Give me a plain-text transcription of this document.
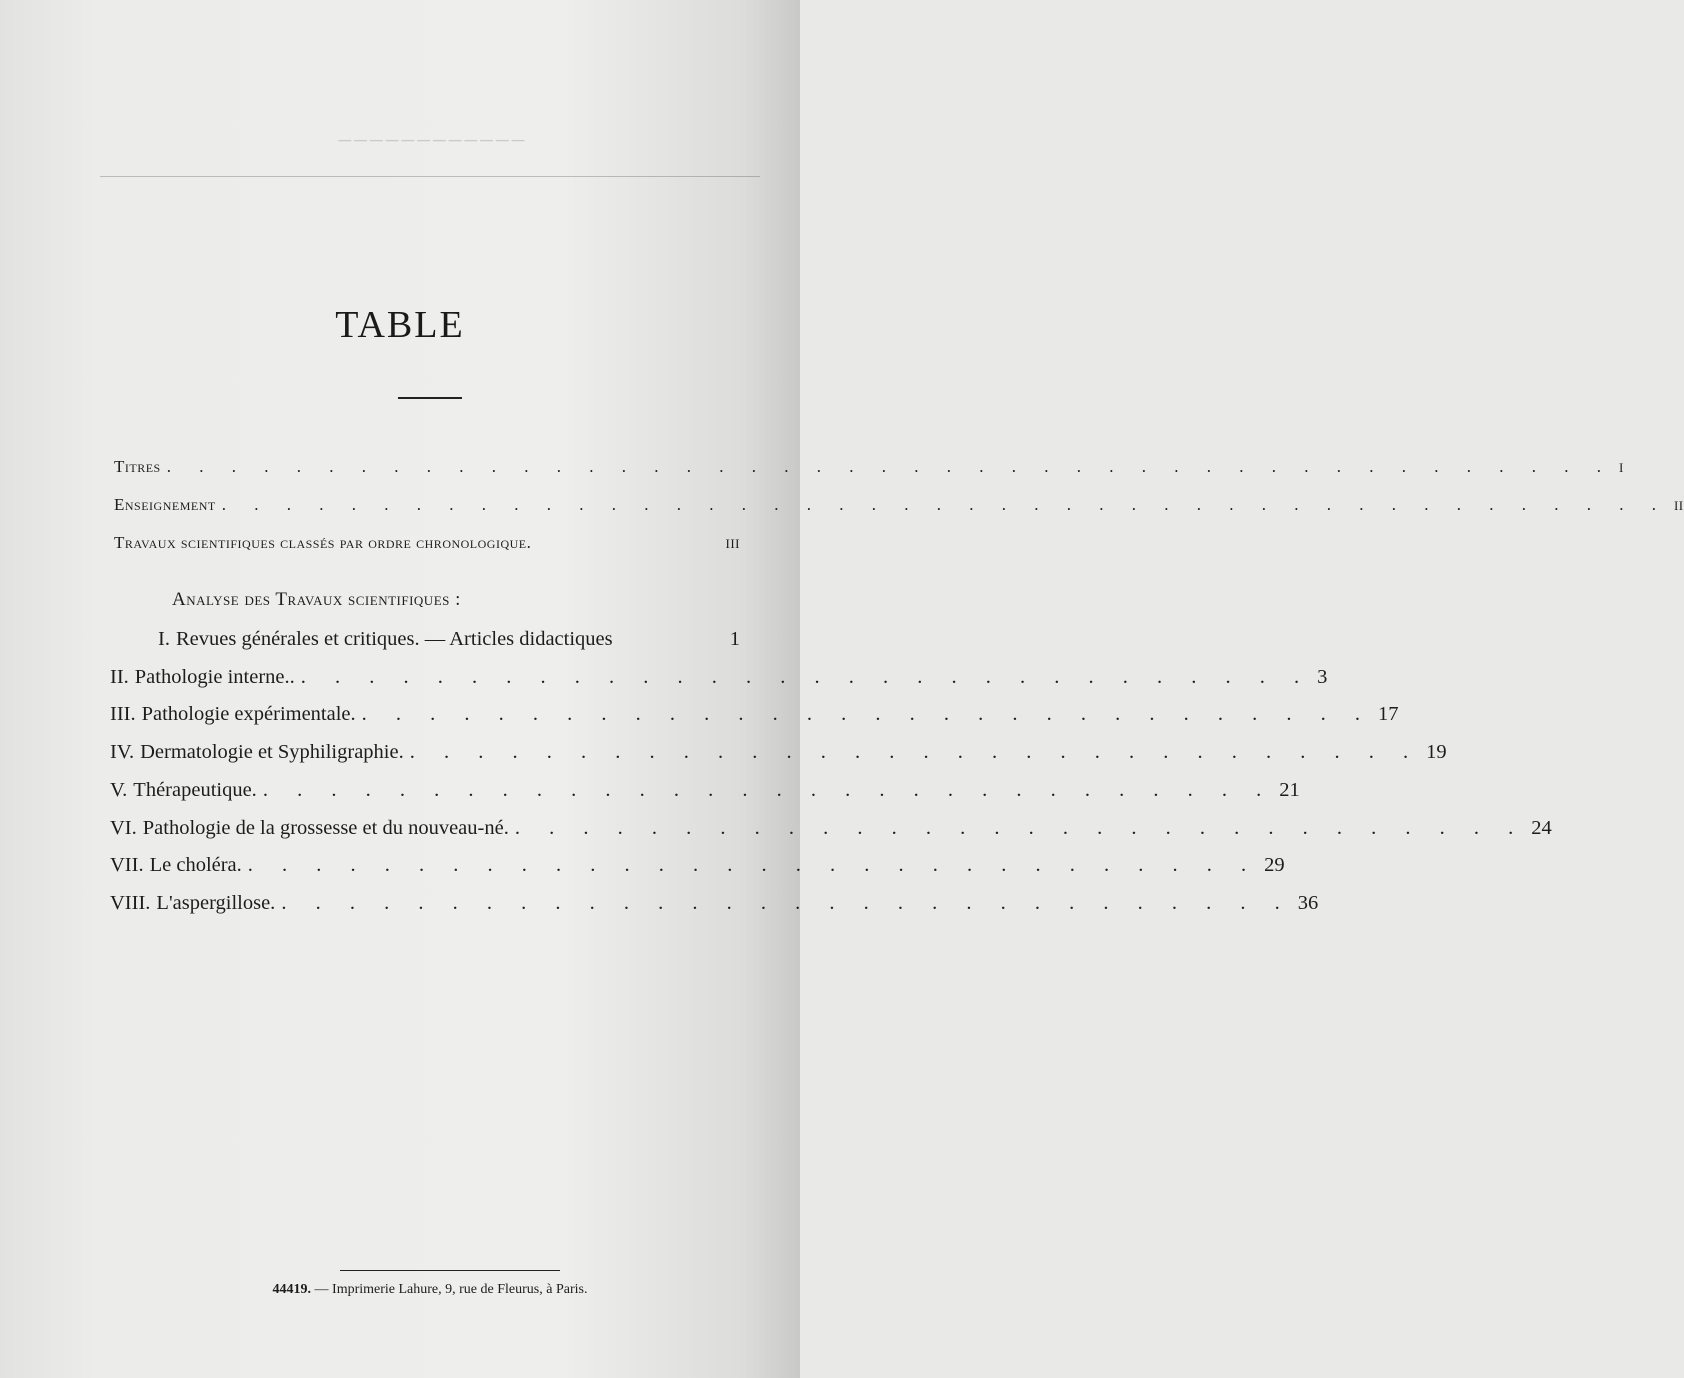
────────────
TABLE
Titres . . . . . . . . . . . . . . . . . . . . . . . . . . . . . . . . . . . . . . . . . . . . . I
Enseignement . . . . . . . . . . . . . . . . . . . . . . . . . . . . . . . . . . . . . . . . . . . . . II
Travaux scientifiques classés par ordre chronologique.	III
Analyse des Travaux scientifiques :
I. Revues générales et critiques. — Articles didactiques	1
II. Pathologie interne.. . . . . . . . . . . . . . . . . . . . . . . . . . . . . . . 3
III. Pathologie expérimentale. . . . . . . . . . . . . . . . . . . . . . . . . . . . . . . 17
IV. Dermatologie et Syphiligraphie. . . . . . . . . . . . . . . . . . . . . . . . . . . . . . . 19
V. Thérapeutique. . . . . . . . . . . . . . . . . . . . . . . . . . . . . . . 21
VI. Pathologie de la grossesse et du nouveau-né. . . . . . . . . . . . . . . . . . . . . . . . . . . . . . . 24
VII. Le choléra. . . . . . . . . . . . . . . . . . . . . . . . . . . . . . . 29
VIII. L'aspergillose. . . . . . . . . . . . . . . . . . . . . . . . . . . . . . . 36
44419. — Imprimerie Lahure, 9, rue de Fleurus, à Paris.
